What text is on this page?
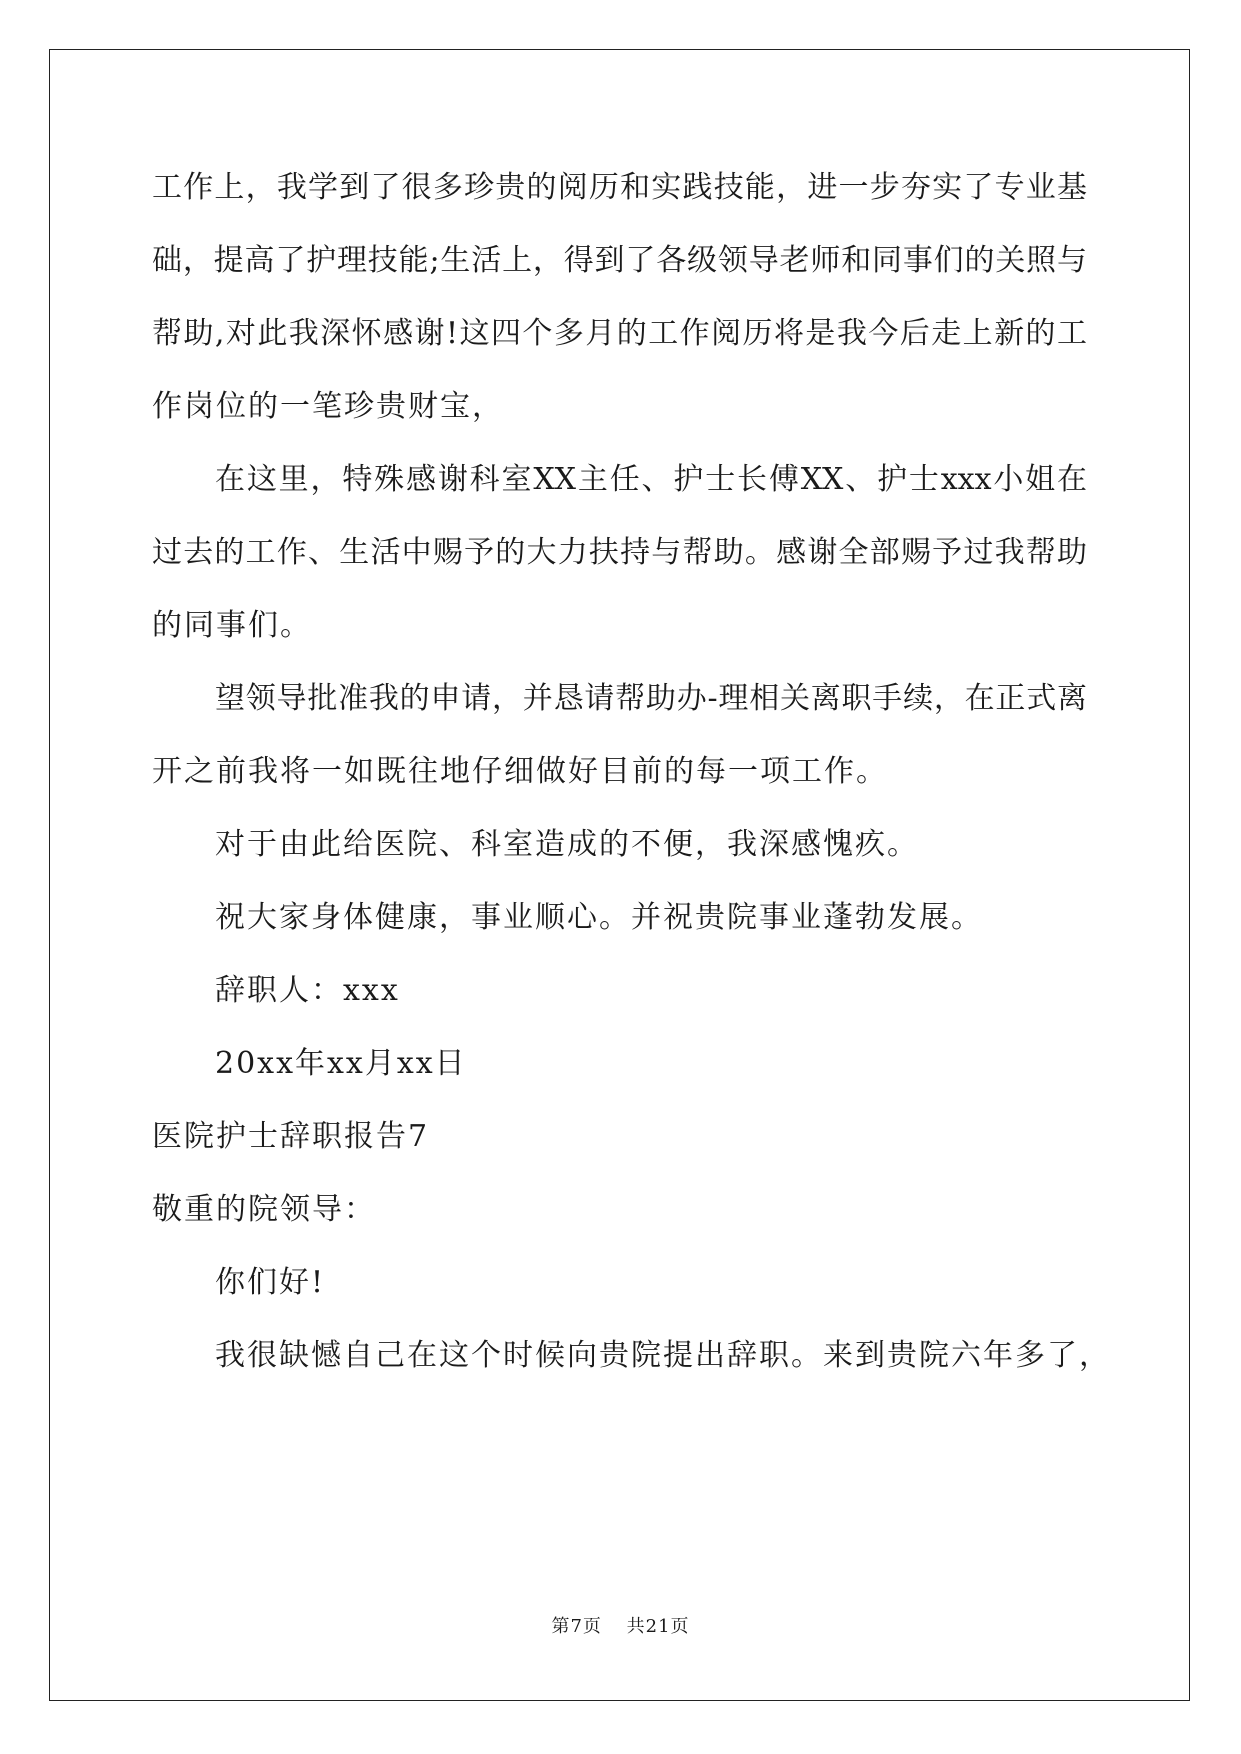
工作上，我学到了很多珍贵的阅历和实践技能，进一步夯实了专业基
础，提高了护理技能;生活上，得到了各级领导老师和同事们的关照与
帮助,对此我深怀感谢!这四个多月的工作阅历将是我今后走上新的工
作岗位的一笔珍贵财宝，
在这里，特殊感谢科室XX主任、护士长傅XX、护士xxx小姐在
过去的工作、生活中赐予的大力扶持与帮助。感谢全部赐予过我帮助
的同事们。
望领导批准我的申请，并恳请帮助办-理相关离职手续，在正式离
开之前我将一如既往地仔细做好目前的每一项工作。
对于由此给医院、科室造成的不便，我深感愧疚。
祝大家身体健康，事业顺心。并祝贵院事业蓬勃发展。
辞职人：xxx
20xx年xx月xx日
医院护士辞职报告7
敬重的院领导：
你们好!
我很缺憾自己在这个时候向贵院提出辞职。来到贵院六年多了，
第7页 共21页
